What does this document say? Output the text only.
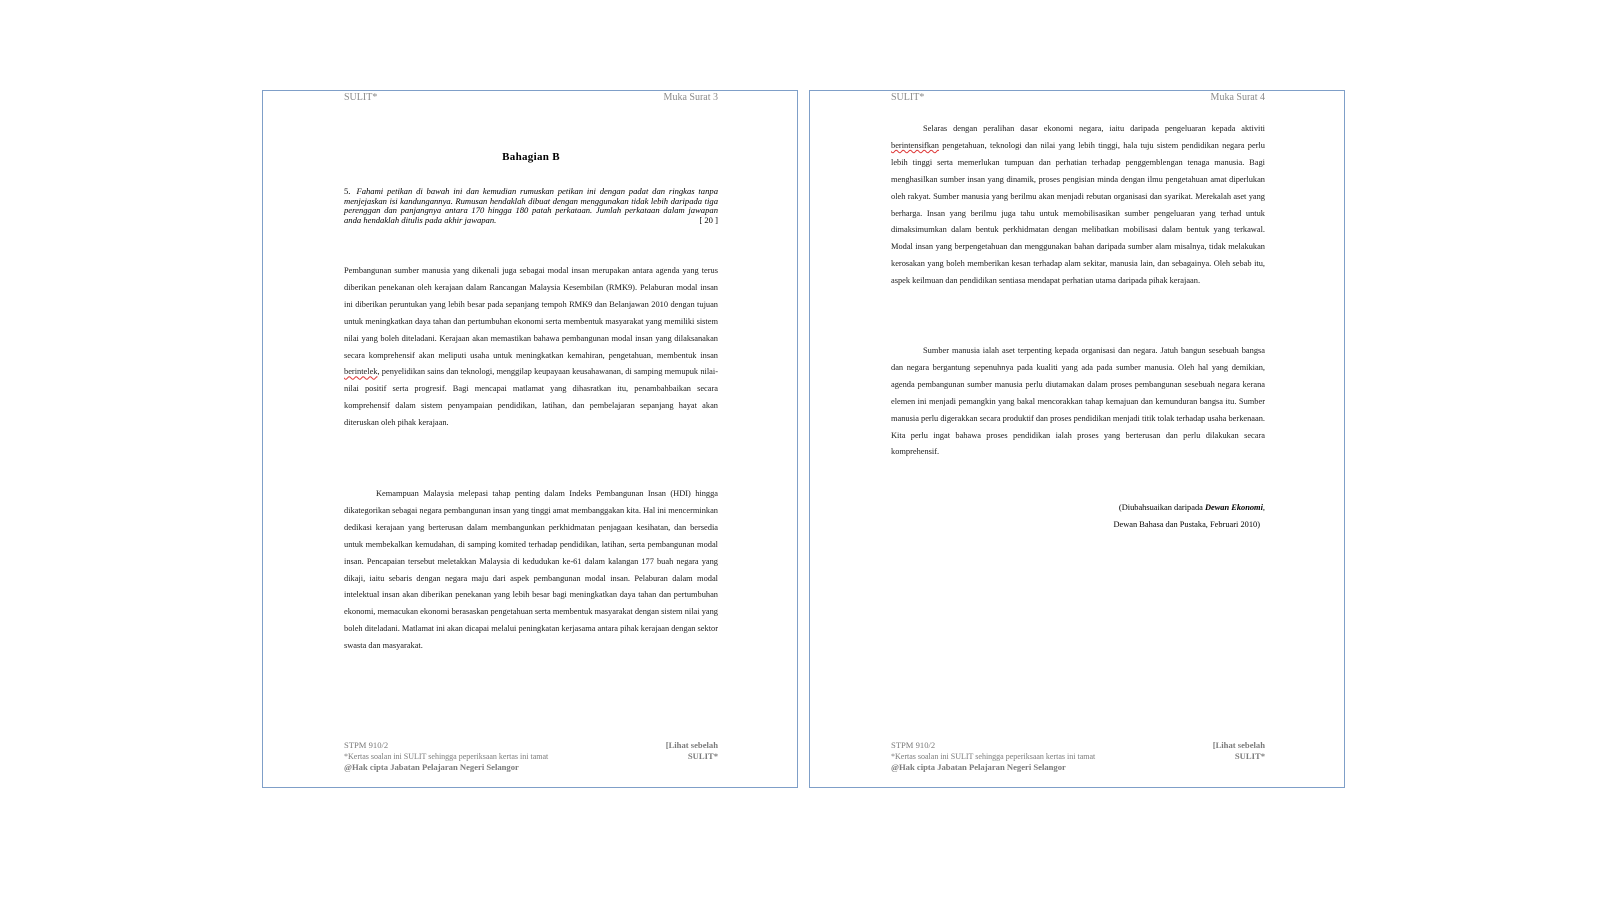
SULIT*	Muka Surat 3
Bahagian B
5. Fahami petikan di bawah ini dan kemudian rumuskan petikan ini dengan padat dan ringkas tanpa menjejaskan isi kandungannya. Rumusan hendaklah dibuat dengan menggunakan tidak lebih daripada tiga perenggan dan panjangnya antara 170 hingga 180 patah perkataan. Jumlah perkataan dalam jawapan anda hendaklah ditulis pada akhir jawapan.	[ 20 ]

Pembangunan sumber manusia yang dikenali juga sebagai modal insan merupakan antara agenda yang terus diberikan penekanan oleh kerajaan dalam Rancangan Malaysia Kesembilan (RMK9). Pelaburan modal insan ini diberikan peruntukan yang lebih besar pada sepanjang tempoh RMK9 dan Belanjawan 2010 dengan tujuan untuk meningkatkan daya tahan dan pertumbuhan ekonomi serta membentuk masyarakat yang memiliki sistem nilai yang boleh diteladani. Kerajaan akan memastikan bahawa pembangunan modal insan yang dilaksanakan secara komprehensif akan meliputi usaha untuk meningkatkan kemahiran, pengetahuan, membentuk insan berintelek, penyelidikan sains dan teknologi, menggilap keupayaan keusahawanan, di samping memupuk nilai-nilai positif serta progresif. Bagi mencapai matlamat yang dihasratkan itu, penambahbaikan secara komprehensif dalam sistem penyampaian pendidikan, latihan, dan pembelajaran sepanjang hayat akan diteruskan oleh pihak kerajaan.

Kemampuan Malaysia melepasi tahap penting dalam Indeks Pembangunan Insan (HDI) hingga dikategorikan sebagai negara pembangunan insan yang tinggi amat membanggakan kita. Hal ini mencerminkan dedikasi kerajaan yang berterusan dalam membangunkan perkhidmatan penjagaan kesihatan, dan bersedia untuk membekalkan kemudahan, di samping komited terhadap pendidikan, latihan, serta pembangunan modal insan. Pencapaian tersebut meletakkan Malaysia di kedudukan ke-61 dalam kalangan 177 buah negara yang dikaji, iaitu sebaris dengan negara maju dari aspek pembangunan modal insan. Pelaburan dalam modal intelektual insan akan diberikan penekanan yang lebih besar bagi meningkatkan daya tahan dan pertumbuhan ekonomi, memacukan ekonomi berasaskan pengetahuan serta membentuk masyarakat dengan sistem nilai yang boleh diteladani. Matlamat ini akan dicapai melalui peningkatan kerjasama antara pihak kerajaan dengan sektor swasta dan masyarakat.

STPM 910/2	[Lihat sebelah
*Kertas soalan ini SULIT sehingga peperiksaan kertas ini tamat	SULIT*
@Hak cipta Jabatan Pelajaran Negeri Selangor
SULIT*	Muka Surat 4

Selaras dengan peralihan dasar ekonomi negara, iaitu daripada pengeluaran kepada aktiviti berintensifkan pengetahuan, teknologi dan nilai yang lebih tinggi, hala tuju sistem pendidikan negara perlu lebih tinggi serta memerlukan tumpuan dan perhatian terhadap penggemblengan tenaga manusia. Bagi menghasilkan sumber insan yang dinamik, proses pengisian minda dengan ilmu pengetahuan amat diperlukan oleh rakyat. Sumber manusia yang berilmu akan menjadi rebutan organisasi dan syarikat. Merekalah aset yang berharga. Insan yang berilmu juga tahu untuk memobilisasikan sumber pengeluaran yang terhad untuk dimaksimumkan dalam bentuk perkhidmatan dengan melibatkan mobilisasi dalam bentuk yang terkawal. Modal insan yang berpengetahuan dan menggunakan bahan daripada sumber alam misalnya, tidak melakukan kerosakan yang boleh memberikan kesan terhadap alam sekitar, manusia lain, dan sebagainya. Oleh sebab itu, aspek keilmuan dan pendidikan sentiasa mendapat perhatian utama daripada pihak kerajaan.

Sumber manusia ialah aset terpenting kepada organisasi dan negara. Jatuh bangun sesebuah bangsa dan negara bergantung sepenuhnya pada kualiti yang ada pada sumber manusia. Oleh hal yang demikian, agenda pembangunan sumber manusia perlu diutamakan dalam proses pembangunan sesebuah negara kerana elemen ini menjadi pemangkin yang bakal mencorakkan tahap kemajuan dan kemunduran bangsa itu. Sumber manusia perlu digerakkan secara produktif dan proses pendidikan menjadi titik tolak terhadap usaha berkenaan. Kita perlu ingat bahawa proses pendidikan ialah proses yang berterusan dan perlu dilakukan secara komprehensif.

(Diubahsuaikan daripada Dewan Ekonomi,
Dewan Bahasa dan Pustaka, Februari 2010)
STPM 910/2	[Lihat sebelah
*Kertas soalan ini SULIT sehingga peperiksaan kertas ini tamat	SULIT*
@Hak cipta Jabatan Pelajaran Negeri Selangor
